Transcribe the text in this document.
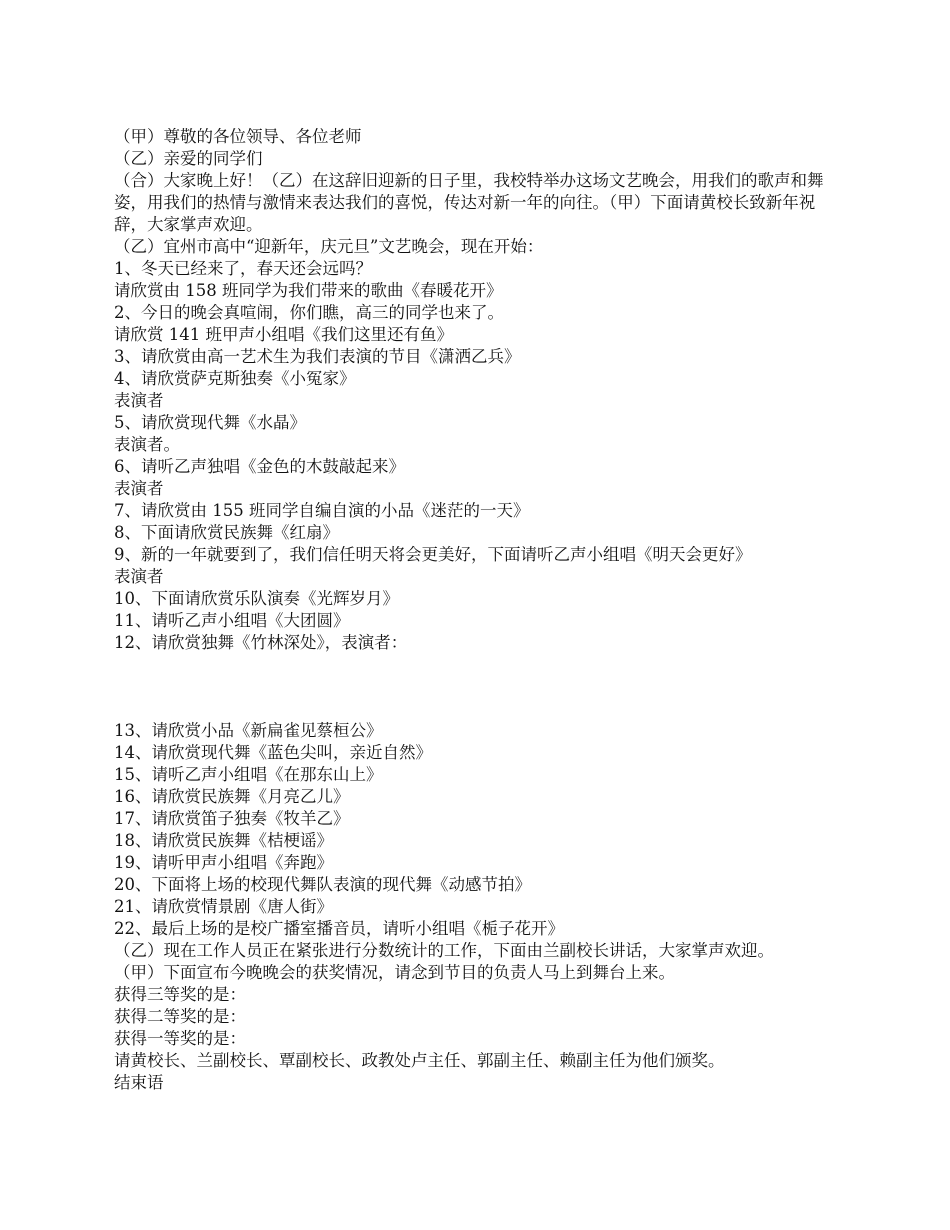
（甲）尊敬的各位领导、各位老师
（乙）亲爱的同学们
（合）大家晚上好！（乙）在这辞旧迎新的日子里，我校特举办这场文艺晚会，用我们的歌声和舞姿，用我们的热情与激情来表达我们的喜悦，传达对新一年的向往。（甲）下面请黄校长致新年祝辞，大家掌声欢迎。
（乙）宜州市高中“迎新年，庆元旦”文艺晚会，现在开始：
1、冬天已经来了，春天还会远吗？
请欣赏由 158 班同学为我们带来的歌曲《春暖花开》
2、今日的晚会真喧闹，你们瞧，高三的同学也来了。
请欣赏 141 班甲声小组唱《我们这里还有鱼》
3、请欣赏由高一艺术生为我们表演的节目《潇洒乙兵》
4、请欣赏萨克斯独奏《小冤家》
表演者
5、请欣赏现代舞《水晶》
表演者。
6、请听乙声独唱《金色的木鼓敲起来》
表演者
7、请欣赏由 155 班同学自编自演的小品《迷茫的一天》
8、下面请欣赏民族舞《红扇》
9、新的一年就要到了，我们信任明天将会更美好，下面请听乙声小组唱《明天会更好》
表演者
10、下面请欣赏乐队演奏《光辉岁月》
11、请听乙声小组唱《大团圆》
12、请欣赏独舞《竹林深处》，表演者：
13、请欣赏小品《新扁雀见蔡桓公》
14、请欣赏现代舞《蓝色尖叫，亲近自然》
15、请听乙声小组唱《在那东山上》
16、请欣赏民族舞《月亮乙儿》
17、请欣赏笛子独奏《牧羊乙》
18、请欣赏民族舞《桔梗谣》
19、请听甲声小组唱《奔跑》
20、下面将上场的校现代舞队表演的现代舞《动感节拍》
21、请欣赏情景剧《唐人街》
22、最后上场的是校广播室播音员，请听小组唱《栀子花开》
（乙）现在工作人员正在紧张进行分数统计的工作，下面由兰副校长讲话，大家掌声欢迎。
（甲）下面宣布今晚晚会的获奖情况，请念到节目的负责人马上到舞台上来。
获得三等奖的是：
获得二等奖的是：
获得一等奖的是：
请黄校长、兰副校长、覃副校长、政教处卢主任、郭副主任、赖副主任为他们颁奖。
结束语
